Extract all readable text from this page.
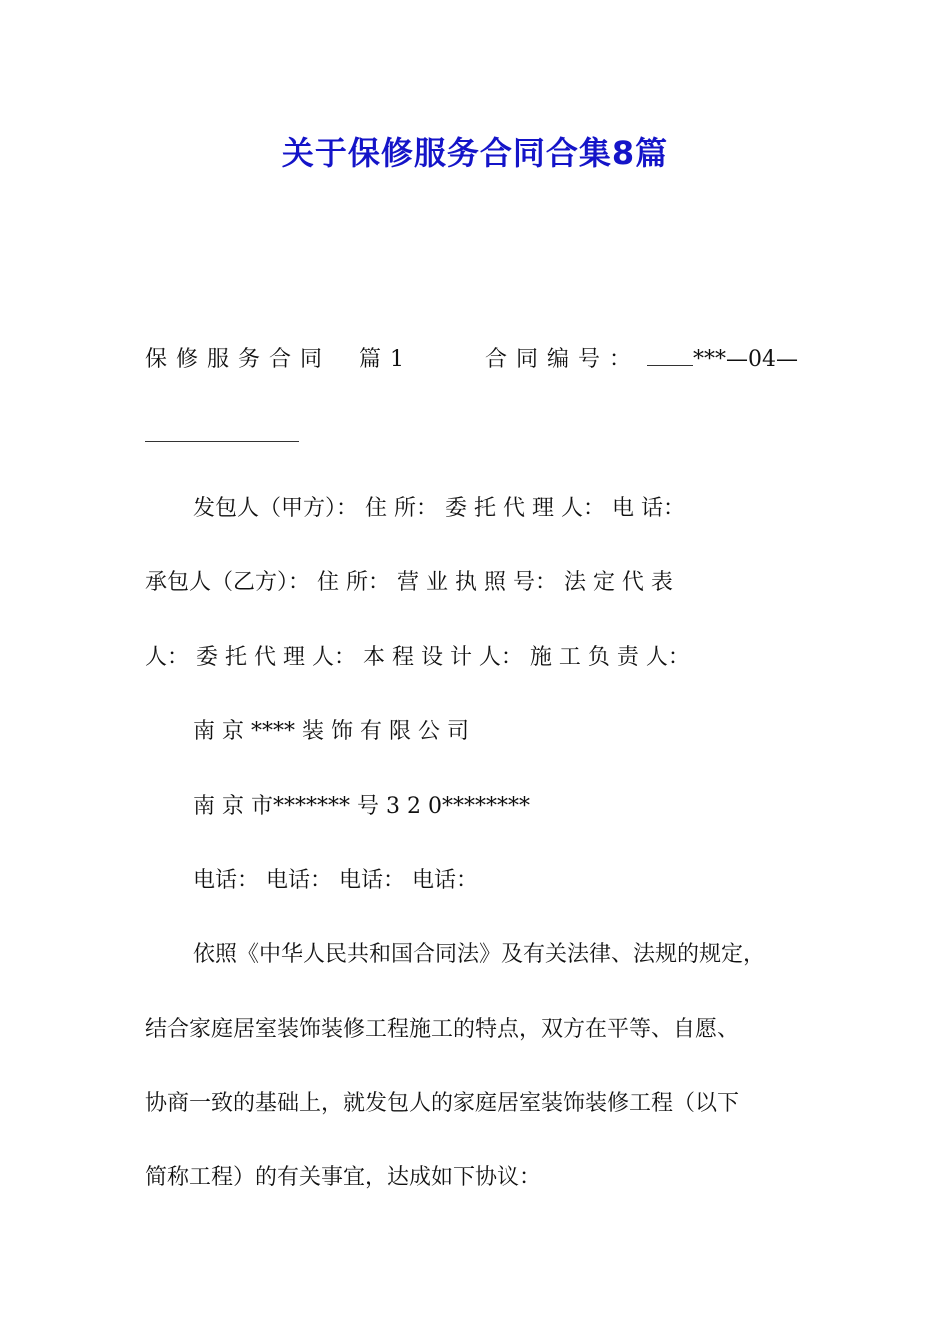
关于保修服务合同合集8篇
保修服务合同 篇1	合同编号： ***—04—
发包人（甲方）： 住 所： 委 托 代 理 人： 电 话：
承包人（乙方）： 住 所： 营 业 执 照 号： 法 定 代 表
人： 委 托 代 理 人： 本 程 设 计 人： 施 工 负 责 人：
南 京 **** 装 饰 有 限 公 司
南 京 市******* 号 3 2 0********
电话： 电话： 电话： 电话：
依照《中华人民共和国合同法》及有关法律、法规的规定，
结合家庭居室装饰装修工程施工的特点，双方在平等、自愿、
协商一致的基础上，就发包人的家庭居室装饰装修工程（以下
简称工程）的有关事宜，达成如下协议：
